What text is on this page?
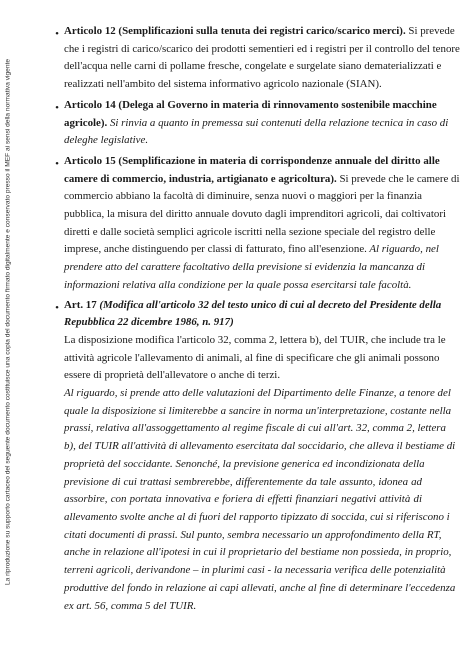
La riproduzione su supporto cartaceo del seguente documento costituisce una copia del documento firmato digitalmente e conservato presso il MEF ai sensi della normativa vigente
• Articolo 12 (Semplificazioni sulla tenuta dei registri carico/scarico merci). Si prevede
che i registri di carico/scarico dei prodotti sementieri ed i registri per il controllo del tenore
dell'acqua nelle carni di pollame fresche, congelate e surgelate siano dematerializzati e
realizzati nell'ambito del sistema informativo agricolo nazionale (SIAN).
• Articolo 14 (Delega al Governo in materia di rinnovamento sostenibile macchine
agricole). Si rinvia a quanto in premessa sui contenuti della relazione tecnica in caso di
deleghe legislative.
• Articolo 15 (Semplificazione in materia di corrispondenze annuale del diritto alle
camere di commercio, industria, artigianato e agricoltura). Si prevede che le camere di
commercio abbiano la facoltà di diminuire, senza nuovi o maggiori per la finanzia
pubblica, la misura del diritto annuale dovuto dagli imprenditori agricoli, dai coltivatori
diretti e dalle società semplici agricole iscritti nella sezione speciale del registro delle
imprese, anche distinguendo per classi di fatturato, fino all'esenzione. Al riguardo, nel
prendere atto del carattere facoltativo della previsione si evidenzia la mancanza di
informazioni relativa alla condizione per la quale possa esercitarsi tale facoltà.
• Art. 17 (Modifica all'articolo 32 del testo unico di cui al decreto del Presidente della
Repubblica 22 dicembre 1986, n. 917)
La disposizione modifica l'articolo 32, comma 2, lettera b), del TUIR, che include tra le
attività agricole l'allevamento di animali, al fine di specificare che gli animali possono
essere di proprietà dell'allevatore o anche di terzi.
Al riguardo, si prende atto delle valutazioni del Dipartimento delle Finanze, a tenore del
quale la disposizione si limiterebbe a sancire in norma un'interpretazione, costante nella
prassi, relativa all'assoggettamento al regime fiscale di cui all'art. 32, comma 2, lettera
b), del TUIR all'attività di allevamento esercitata dal soccidario, che alleva il bestiame di
proprietà del soccidante. Senonché, la previsione generica ed incondizionata della
previsione di cui trattasi sembrerebbe, differentemente da tale assunto, idonea ad
assorbire, con portata innovativa e foriera di effetti finanziari negativi attività di
allevamento svolte anche al di fuori del rapporto tipizzato di soccida, cui si riferiscono i
citati documenti di prassi. Sul punto, sembra necessario un approfondimento della RT,
anche in relazione all'ipotesi in cui il proprietario del bestiame non possieda, in proprio,
terreni agricoli, derivandone – in plurimi casi - la necessaria verifica delle potenzialità
produttive del fondo in relazione ai capi allevati, anche al fine di determinare l'eccedenza
ex art. 56, comma 5 del TUIR.
